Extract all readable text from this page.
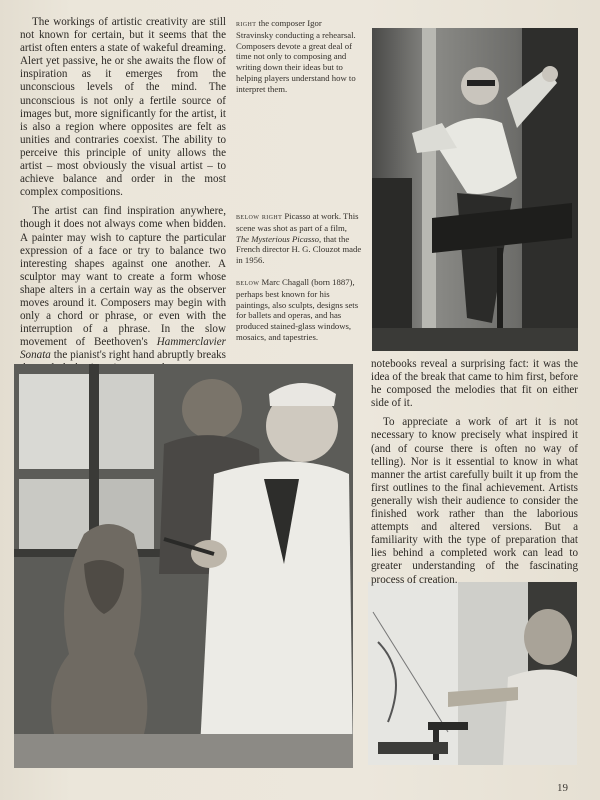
The workings of artistic creativity are still not known for certain, but it seems that the artist often enters a state of wakeful dreaming. Alert yet passive, he or she awaits the flow of inspiration as it emerges from the unconscious levels of the mind. The unconscious is not only a fertile source of images but, more significantly for the artist, it is also a region where opposites are felt as unities and contraries coexist. The ability to perceive this principle of unity allows the artist – most obviously the visual artist – to achieve balance and order in the most complex compositions.

The artist can find inspiration anywhere, though it does not always come when bidden. A painter may wish to capture the particular expression of a face or try to balance two interesting shapes against one another. A sculptor may want to create a form whose shape alters in a certain way as the observer moves around it. Composers may begin with only a chord or phrase, or even with the interruption of a phrase. In the slow movement of Beethoven's Hammerclavier Sonata the pianist's right hand abruptly breaks

right the composer Igor Stravinsky conducting a rehearsal. Composers devote a great deal of time not only to composing and writing down their ideas but to helping players understand how to interpret them.
below right Picasso at work. This scene was shot as part of a film, The Mysterious Picasso, that the French director H. G. Clouzot made in 1956.
below Marc Chagall (born 1887), perhaps best known for his paintings, also sculpts, designs sets for ballets and operas, and has produced stained-glass windows, mosaics, and tapestries.

notebooks reveal a surprising fact: it was the idea of the break that came to him first, before he composed the melodies that fit on either side of it.

To appreciate a work of art it is not necessary to know precisely what inspired it (and of course there is often no way of telling). Nor is it essential to know in what manner the artist carefully built it up from the first outlines to the final achievement. Artists generally wish their audience to consider the finished work rather than the laborious attempts and altered versions. But a familiarity with the type of preparation that lies behind a completed work can lead to greater understanding of the fascinating process of creation.

19
